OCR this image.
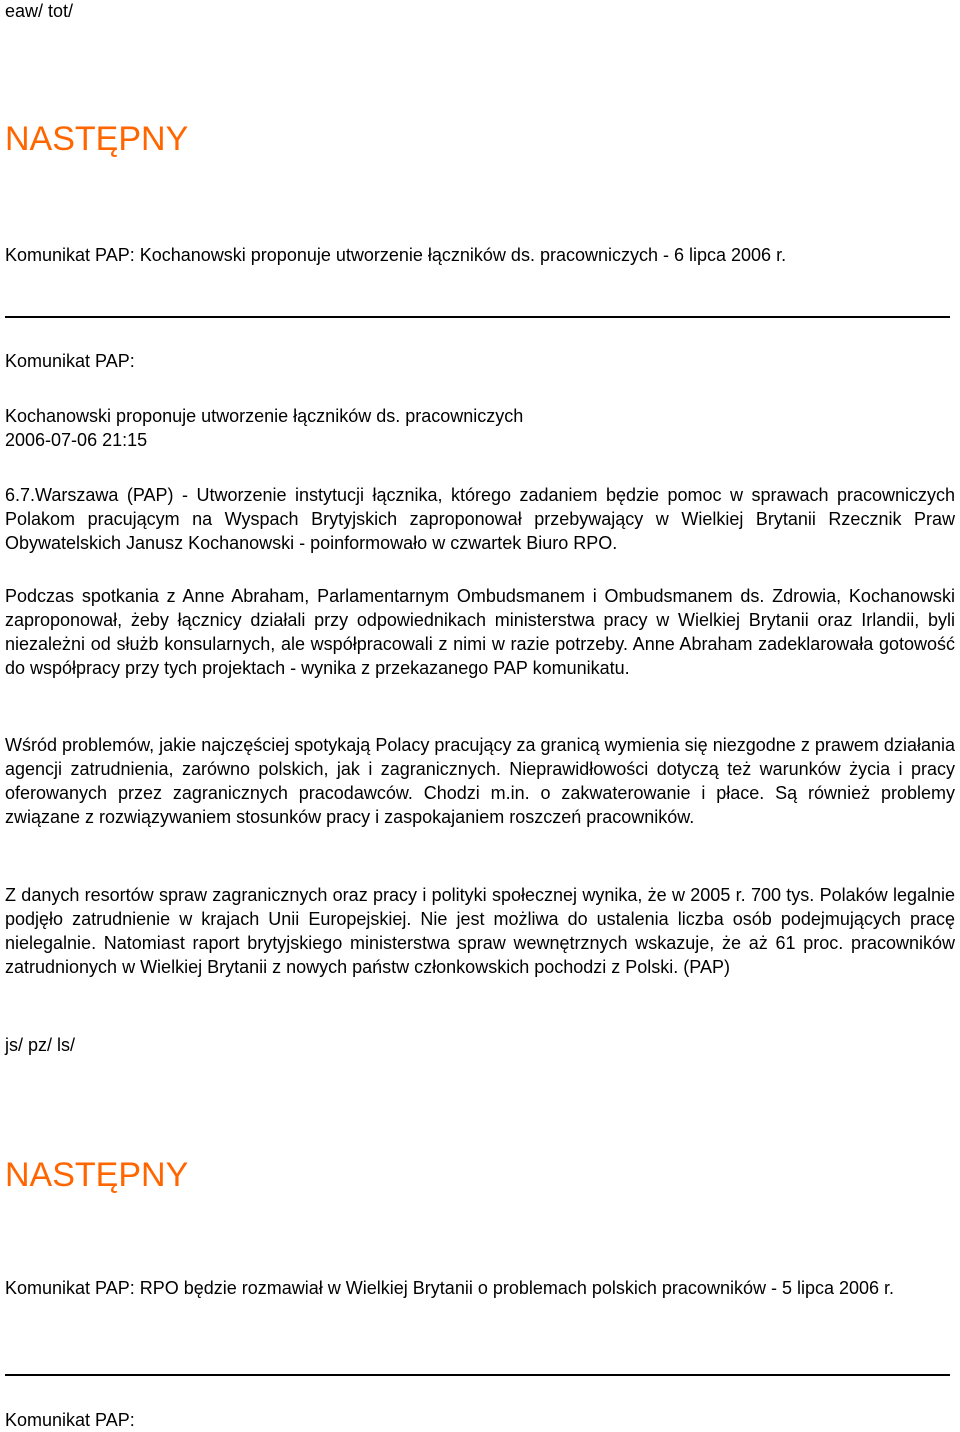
eaw/ tot/

NASTĘPNY

Komunikat PAP: Kochanowski proponuje utworzenie łączników ds. pracowniczych - 6 lipca 2006 r.

Komunikat PAP:

Kochanowski proponuje utworzenie łączników ds. pracowniczych

2006-07-06 21:15

6.7.Warszawa (PAP) - Utworzenie instytucji łącznika, którego zadaniem będzie pomoc w sprawach pracowniczych Polakom pracującym na Wyspach Brytyjskich zaproponował przebywający w Wielkiej Brytanii Rzecznik Praw Obywatelskich Janusz Kochanowski - poinformowało w czwartek Biuro RPO.

Podczas spotkania z Anne Abraham, Parlamentarnym Ombudsmanem i Ombudsmanem ds. Zdrowia, Kochanowski zaproponował, żeby łącznicy działali przy odpowiednikach ministerstwa pracy w Wielkiej Brytanii oraz Irlandii, byli niezależni od służb konsularnych, ale współpracowali z nimi w razie potrzeby. Anne Abraham zadeklarowała gotowość do współpracy przy tych projektach - wynika z przekazanego PAP komunikatu.

Wśród problemów, jakie najczęściej spotykają Polacy pracujący za granicą wymienia się niezgodne z prawem działania agencji zatrudnienia, zarówno polskich, jak i zagranicznych. Nieprawidłowości dotyczą też warunków życia i pracy oferowanych przez zagranicznych pracodawców. Chodzi m.in. o zakwaterowanie i płace. Są również problemy związane z rozwiązywaniem stosunków pracy i zaspokajaniem roszczeń pracowników.

Z danych resortów spraw zagranicznych oraz pracy i polityki społecznej wynika, że w 2005 r. 700 tys. Polaków legalnie podjęło zatrudnienie w krajach Unii Europejskiej. Nie jest możliwa do ustalenia liczba osób podejmujących pracę nielegalnie. Natomiast raport brytyjskiego ministerstwa spraw wewnętrznych wskazuje, że aż 61 proc. pracowników zatrudnionych w Wielkiej Brytanii z nowych państw członkowskich pochodzi z Polski. (PAP)

js/ pz/ ls/

NASTĘPNY

Komunikat PAP: RPO będzie rozmawiał w Wielkiej Brytanii o problemach polskich pracowników - 5 lipca 2006 r.

Komunikat PAP:
